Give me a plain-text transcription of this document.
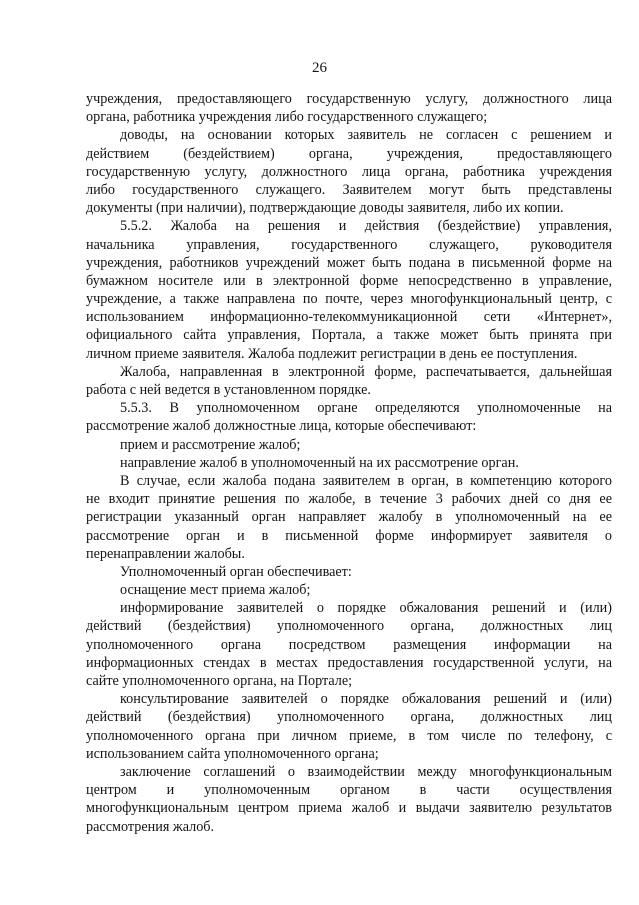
26
учреждения, предоставляющего государственную услугу, должностного лица
органа, работника учреждения либо государственного служащего;
доводы, на основании которых заявитель не согласен с решением и
действием (бездействием) органа, учреждения, предоставляющего
государственную услугу, должностного лица органа, работника учреждения
либо государственного служащего. Заявителем могут быть представлены
документы (при наличии), подтверждающие доводы заявителя, либо их копии.
5.5.2. Жалоба на решения и действия (бездействие) управления,
начальника управления, государственного служащего, руководителя
учреждения, работников учреждений может быть подана в письменной форме на
бумажном носителе или в электронной форме непосредственно в управление,
учреждение, а также направлена по почте, через многофункциональный центр, с
использованием информационно-телекоммуникационной сети «Интернет»,
официального сайта управления, Портала, а также может быть принята при
личном приеме заявителя. Жалоба подлежит регистрации в день ее поступления.
Жалоба, направленная в электронной форме, распечатывается, дальнейшая
работа с ней ведется в установленном порядке.
5.5.3. В уполномоченном органе определяются уполномоченные на
рассмотрение жалоб должностные лица, которые обеспечивают:
прием и рассмотрение жалоб;
направление жалоб в уполномоченный на их рассмотрение орган.
В случае, если жалоба подана заявителем в орган, в компетенцию которого
не входит принятие решения по жалобе, в течение 3 рабочих дней со дня ее
регистрации указанный орган направляет жалобу в уполномоченный на ее
рассмотрение орган и в письменной форме информирует заявителя о
перенаправлении жалобы.
Уполномоченный орган обеспечивает:
оснащение мест приема жалоб;
информирование заявителей о порядке обжалования решений и (или)
действий (бездействия) уполномоченного органа, должностных лиц
уполномоченного органа посредством размещения информации на
информационных стендах в местах предоставления государственной услуги, на
сайте уполномоченного органа, на Портале;
консультирование заявителей о порядке обжалования решений и (или)
действий (бездействия) уполномоченного органа, должностных лиц
уполномоченного органа при личном приеме, в том числе по телефону, с
использованием сайта уполномоченного органа;
заключение соглашений о взаимодействии между многофункциональным
центром и уполномоченным органом в части осуществления
многофункциональным центром приема жалоб и выдачи заявителю результатов
рассмотрения жалоб.
